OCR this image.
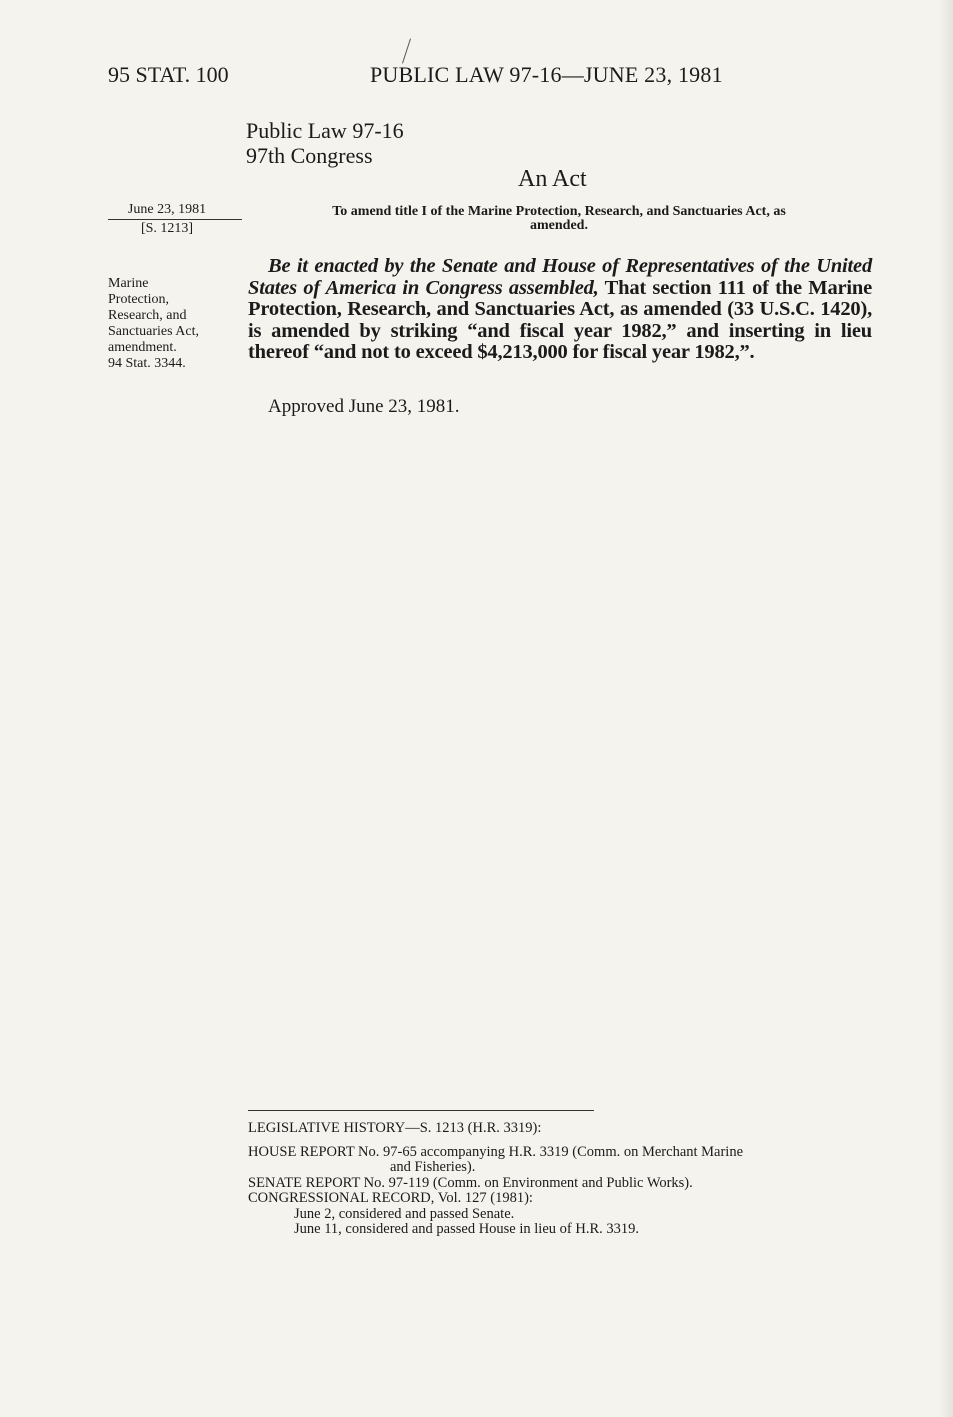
95 STAT. 100	PUBLIC LAW 97-16—JUNE 23, 1981
Public Law 97-16
97th Congress
An Act
June 23, 1981
[S. 1213]
To amend title I of the Marine Protection, Research, and Sanctuaries Act, as
amended.
Marine
Protection,
Research, and
Sanctuaries Act,
amendment.
94 Stat. 3344.
Be it enacted by the Senate and House of Representatives of the United States of America in Congress assembled, That section 111 of the Marine Protection, Research, and Sanctuaries Act, as amended (33 U.S.C. 1420), is amended by striking “and fiscal year 1982,” and inserting in lieu thereof “and not to exceed $4,213,000 for fiscal year 1982,”.
Approved June 23, 1981.
LEGISLATIVE HISTORY—S. 1213 (H.R. 3319):
HOUSE REPORT No. 97-65 accompanying H.R. 3319 (Comm. on Merchant Marine
and Fisheries).
SENATE REPORT No. 97-119 (Comm. on Environment and Public Works).
CONGRESSIONAL RECORD, Vol. 127 (1981):
June 2, considered and passed Senate.
June 11, considered and passed House in lieu of H.R. 3319.
